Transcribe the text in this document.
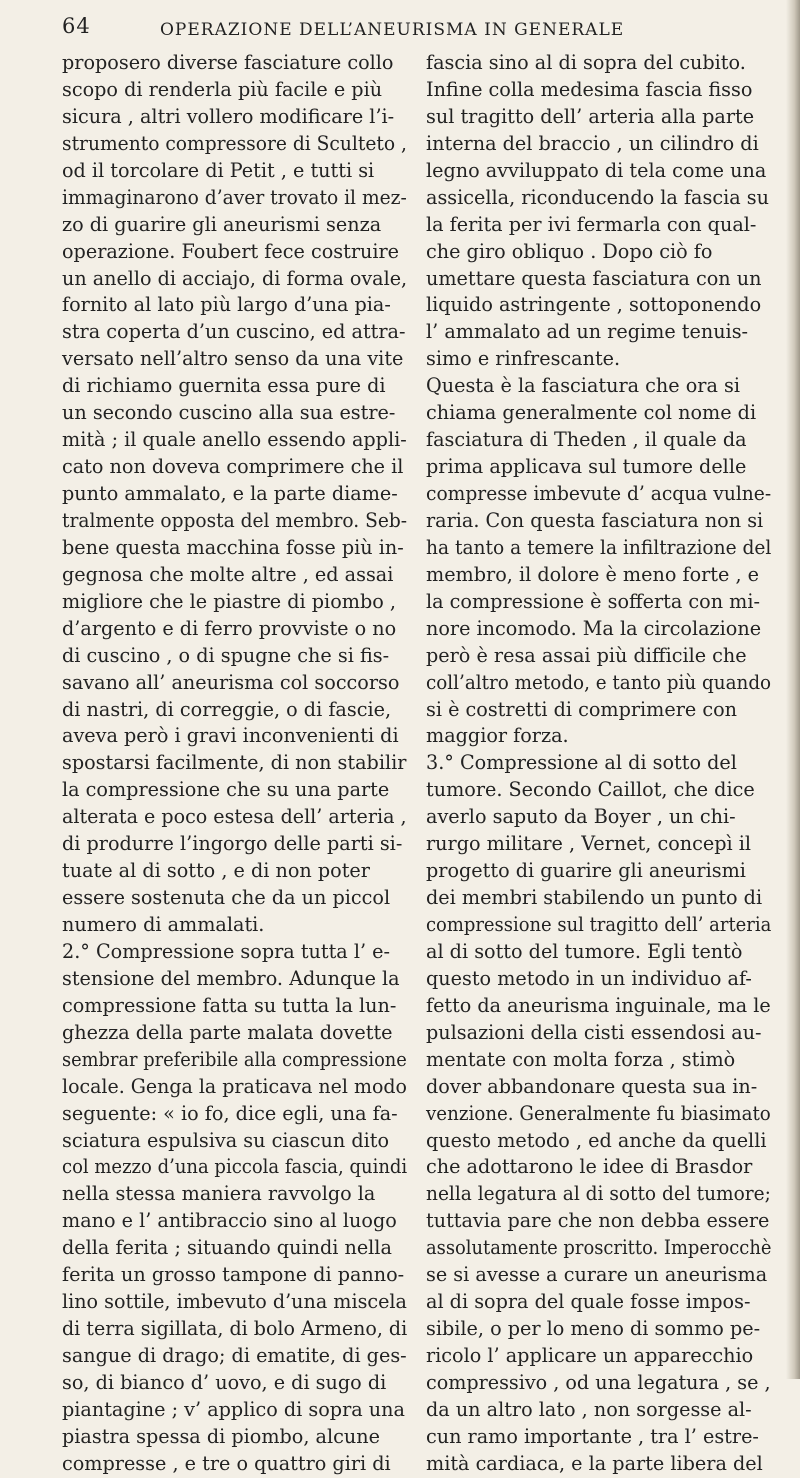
64	OPERAZIONE DELL’ANEURISMA IN GENERALE
proposero diverse fasciature collo
scopo di renderla più facile e più
sicura , altri vollero modificare l’i-
strumento compressore di Sculteto ,
od il torcolare di Petit , e tutti si
immaginarono d’aver trovato il mez-
zo di guarire gli aneurismi senza
operazione. Foubert fece costruire
un anello di acciajo, di forma ovale,
fornito al lato più largo d’una pia-
stra coperta d’un cuscino, ed attra-
versato nell’altro senso da una vite
di richiamo guernita essa pure di
un secondo cuscino alla sua estre-
mità ; il quale anello essendo appli-
cato non doveva comprimere che il
punto ammalato, e la parte diame-
tralmente opposta del membro. Seb-
bene questa macchina fosse più in-
gegnosa che molte altre , ed assai
migliore che le piastre di piombo ,
d’argento e di ferro provviste o no
di cuscino , o di spugne che si fis-
savano all’ aneurisma col soccorso
di nastri, di correggie, o di fascie,
aveva però i gravi inconvenienti di
spostarsi facilmente, di non stabilir
la compressione che su una parte
alterata e poco estesa dell’ arteria ,
di produrre l’ingorgo delle parti si-
tuate al di sotto , e di non poter
essere sostenuta che da un piccol
numero di ammalati.
2.° Compressione sopra tutta l’ e-
stensione del membro. Adunque la
compressione fatta su tutta la lun-
ghezza della parte malata dovette
sembrar preferibile alla compressione
locale. Genga la praticava nel modo
seguente: « io fo, dice egli, una fa-
sciatura espulsiva su ciascun dito
col mezzo d’una piccola fascia, quindi
nella stessa maniera ravvolgo la
mano e l’ antibraccio sino al luogo
della ferita ; situando quindi nella
ferita un grosso tampone di panno-
lino sottile, imbevuto d’una miscela
di terra sigillata, di bolo Armeno, di
sangue di drago; di ematite, di ges-
so, di bianco d’ uovo, e di sugo di
piantagine ; v’ applico di sopra una
piastra spessa di piombo, alcune
compresse , e tre o quattro giri di
fascia sino al di sopra del cubito.
Infine colla medesima fascia fisso
sul tragitto dell’ arteria alla parte
interna del braccio , un cilindro di
legno avviluppato di tela come una
assicella, riconducendo la fascia su
la ferita per ivi fermarla con qual-
che giro obliquo . Dopo ciò fo
umettare questa fasciatura con un
liquido astringente , sottoponendo
l’ ammalato ad un regime tenuis-
simo e rinfrescante.
Questa è la fasciatura che ora si
chiama generalmente col nome di
fasciatura di Theden , il quale da
prima applicava sul tumore delle
compresse imbevute d’ acqua vulne-
raria. Con questa fasciatura non si
ha tanto a temere la infiltrazione del
membro, il dolore è meno forte , e
la compressione è sofferta con mi-
nore incomodo. Ma la circolazione
però è resa assai più difficile che
coll’altro metodo, e tanto più quando
si è costretti di comprimere con
maggior forza.
3.° Compressione al di sotto del
tumore. Secondo Caillot, che dice
averlo saputo da Boyer , un chi-
rurgo militare , Vernet, concepì il
progetto di guarire gli aneurismi
dei membri stabilendo un punto di
compressione sul tragitto dell’ arteria
al di sotto del tumore. Egli tentò
questo metodo in un individuo af-
fetto da aneurisma inguinale, ma le
pulsazioni della cisti essendosi au-
mentate con molta forza , stimò
dover abbandonare questa sua in-
venzione. Generalmente fu biasimato
questo metodo , ed anche da quelli
che adottarono le idee di Brasdor
nella legatura al di sotto del tumore;
tuttavia pare che non debba essere
assolutamente proscritto. Imperocchè
se si avesse a curare un aneurisma
al di sopra del quale fosse impos-
sibile, o per lo meno di sommo pe-
ricolo l’ applicare un apparecchio
compressivo , od una legatura , se ,
da un altro lato , non sorgesse al-
cun ramo importante , tra l’ estre-
mità cardiaca, e la parte libera del
